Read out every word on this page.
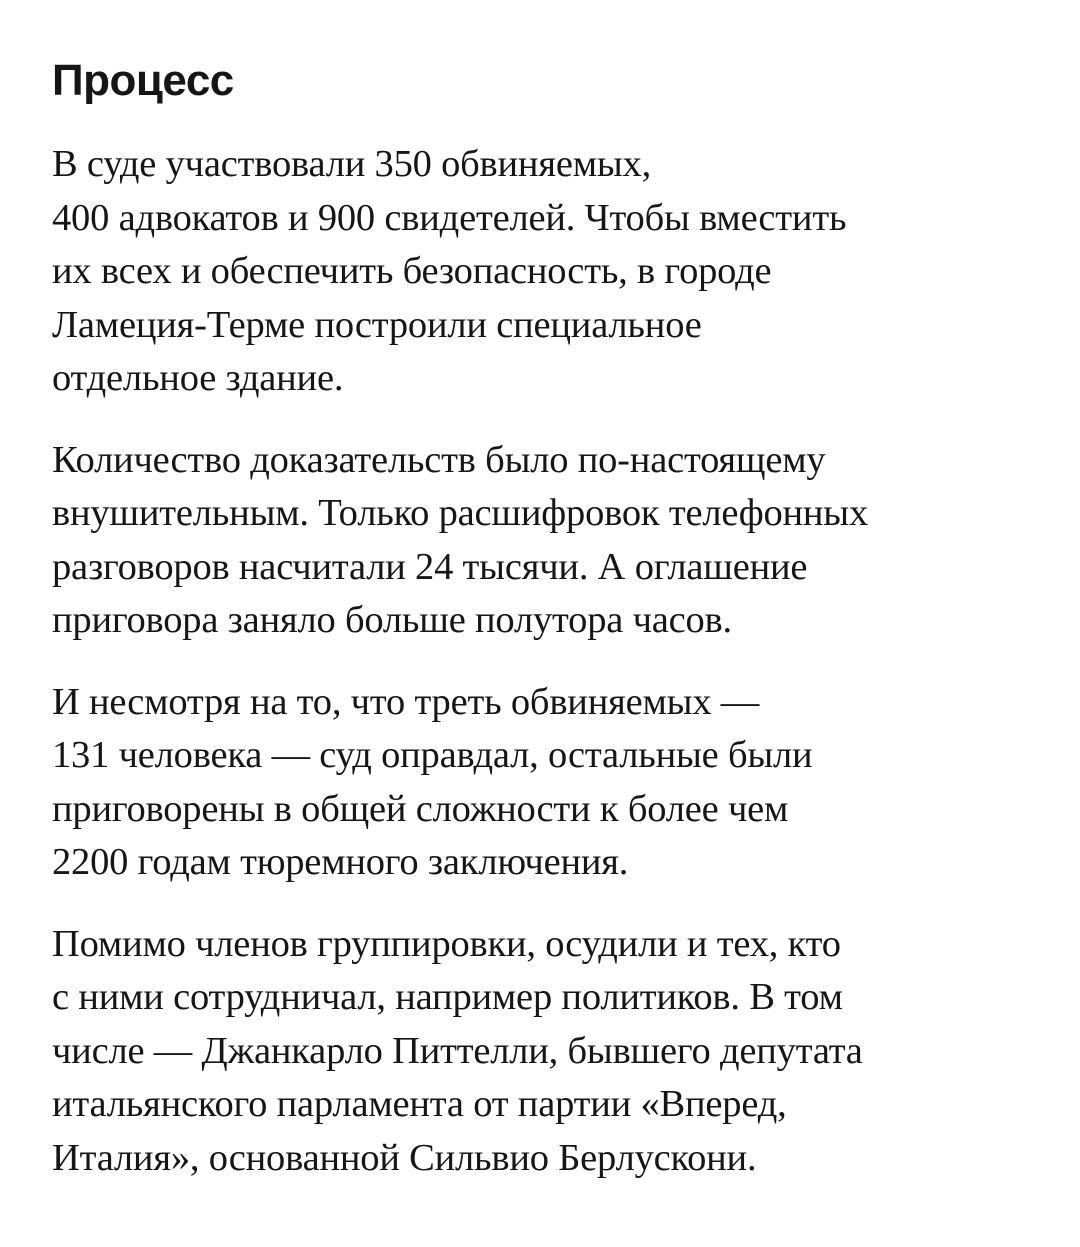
Процесс

В суде участвовали 350 обвиняемых,
400 адвокатов и 900 свидетелей. Чтобы вместить
их всех и обеспечить безопасность, в городе
Ламеция-Терме построили специальное
отдельное здание.

Количество доказательств было по-настоящему
внушительным. Только расшифровок телефонных
разговоров насчитали 24 тысячи. А оглашение
приговора заняло больше полутора часов.

И несмотря на то, что треть обвиняемых —
131 человека — суд оправдал, остальные были
приговорены в общей сложности к более чем
2200 годам тюремного заключения.

Помимо членов группировки, осудили и тех, кто
с ними сотрудничал, например политиков. В том
числе — Джанкарло Питтелли, бывшего депутата
итальянского парламента от партии «Вперед,
Италия», основанной Сильвио Берлускони.
